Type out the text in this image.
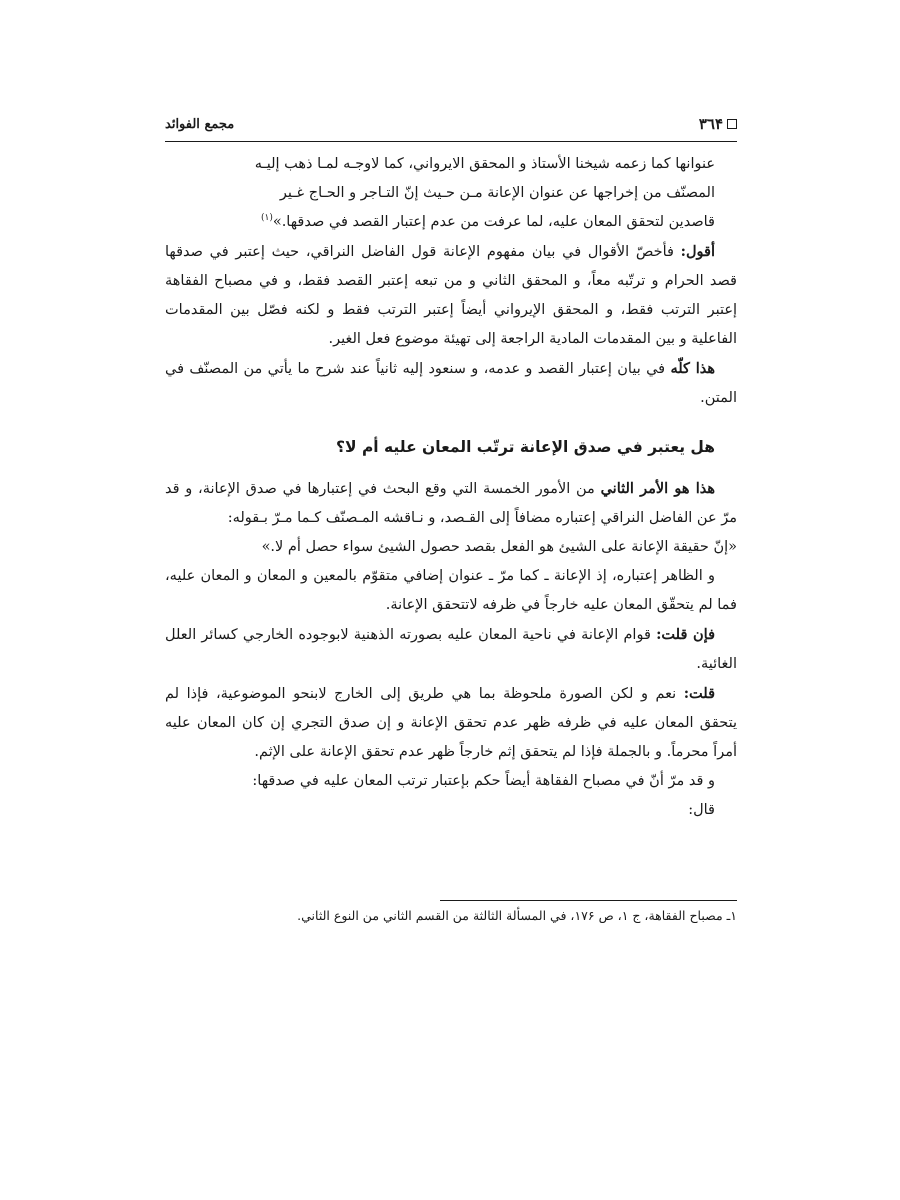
٣٦۴
مجمع الفوائد

عنوانها کما زعمه شيخنا الأستاذ و المحقق الايرواني، کما لاوجـه لمـا ذهب إليـه

المصنّف من إخراجها عن عنوان الإعانة مـن حـيث إنّ التـاجر و الحـاج غـير

قاصدين لتحقق المعان عليه، لما عرفت من عدم إعتبار القصد في صدقها.»$^{(١)}$

أقول: فأخصّ الأقوال في بيان مفهوم الإعانة قول الفاضل النراقي، حيث إعتبر في صدقها قصد الحرام و ترتّبه معاً، و المحقق الثاني و من تبعه إعتبر القصد فقط، و في مصباح الفقاهة إعتبر الترتب فقط، و المحقق الإيرواني أيضاً إعتبر الترتب فقط و لكنه فصّل بين المقدمات الفاعلية و بين المقدمات المادية الراجعة إلى تهيئة موضوع فعل الغير.

هذا كلّه في بيان إعتبار القصد و عدمه، و سنعود إليه ثانياً عند شرح ما يأتي من المصنّف في المتن.

هل يعتبر في صدق الإعانة ترتّب المعان عليه أم لا؟

هذا هو الأمر الثاني من الأمور الخمسة التي وقع البحث في إعتبارها في صدق الإعانة، و قد مرّ عن الفاضل النراقي إعتباره مضافاً إلى القـصد، و نـاقشه المـصنّف كـما مـرّ بـقوله:

«إنّ حقيقة الإعانة على الشيئ هو الفعل بقصد حصول الشيئ سواء حصل أم لا.»

و الظاهر إعتباره، إذ الإعانة ـ كما مرّ ـ عنوان إضافي متقوّم بالمعين و المعان و المعان عليه، فما لم يتحقّق المعان عليه خارجاً في ظرفه لاتتحقق الإعانة.

فإن قلت: قوام الإعانة في ناحية المعان عليه بصورته الذهنية لابوجوده الخارجي كسائر العلل الغائية.

قلت: نعم و لكن الصورة ملحوظة بما هي طريق إلى الخارج لابنحو الموضوعية، فإذا لم يتحقق المعان عليه في ظرفه ظهر عدم تحقق الإعانة و إن صدق التجري إن كان المعان عليه أمراً محرماً. و بالجملة فإذا لم يتحقق إثم خارجاً ظهر عدم تحقق الإعانة على الإثم.

و قد مرّ أنّ في مصباح الفقاهة أيضاً حكم بإعتبار ترتب المعان عليه في صدقها:

قال:

١ـ مصباح الفقاهة، ج ١، ص ١٧۶، في المسألة الثالثة من القسم الثاني من النوع الثاني.
